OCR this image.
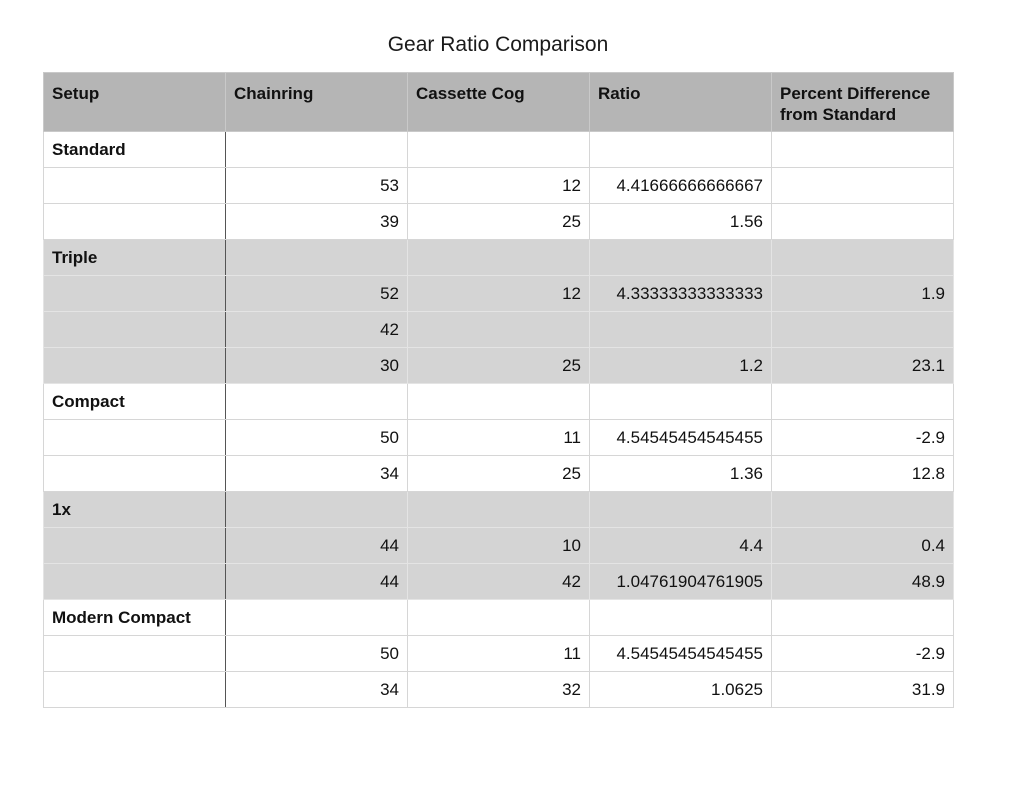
Gear Ratio Comparison
Setup	Chainring	Cassette Cog	Ratio	Percent Difference from Standard
Standard				
	53	12	4.41666666666667	
	39	25	1.56	
Triple				
	52	12	4.33333333333333	1.9
	42			
	30	25	1.2	23.1
Compact				
	50	11	4.54545454545455	-2.9
	34	25	1.36	12.8
1x				
	44	10	4.4	0.4
	44	42	1.04761904761905	48.9
Modern Compact				
	50	11	4.54545454545455	-2.9
	34	32	1.0625	31.9
